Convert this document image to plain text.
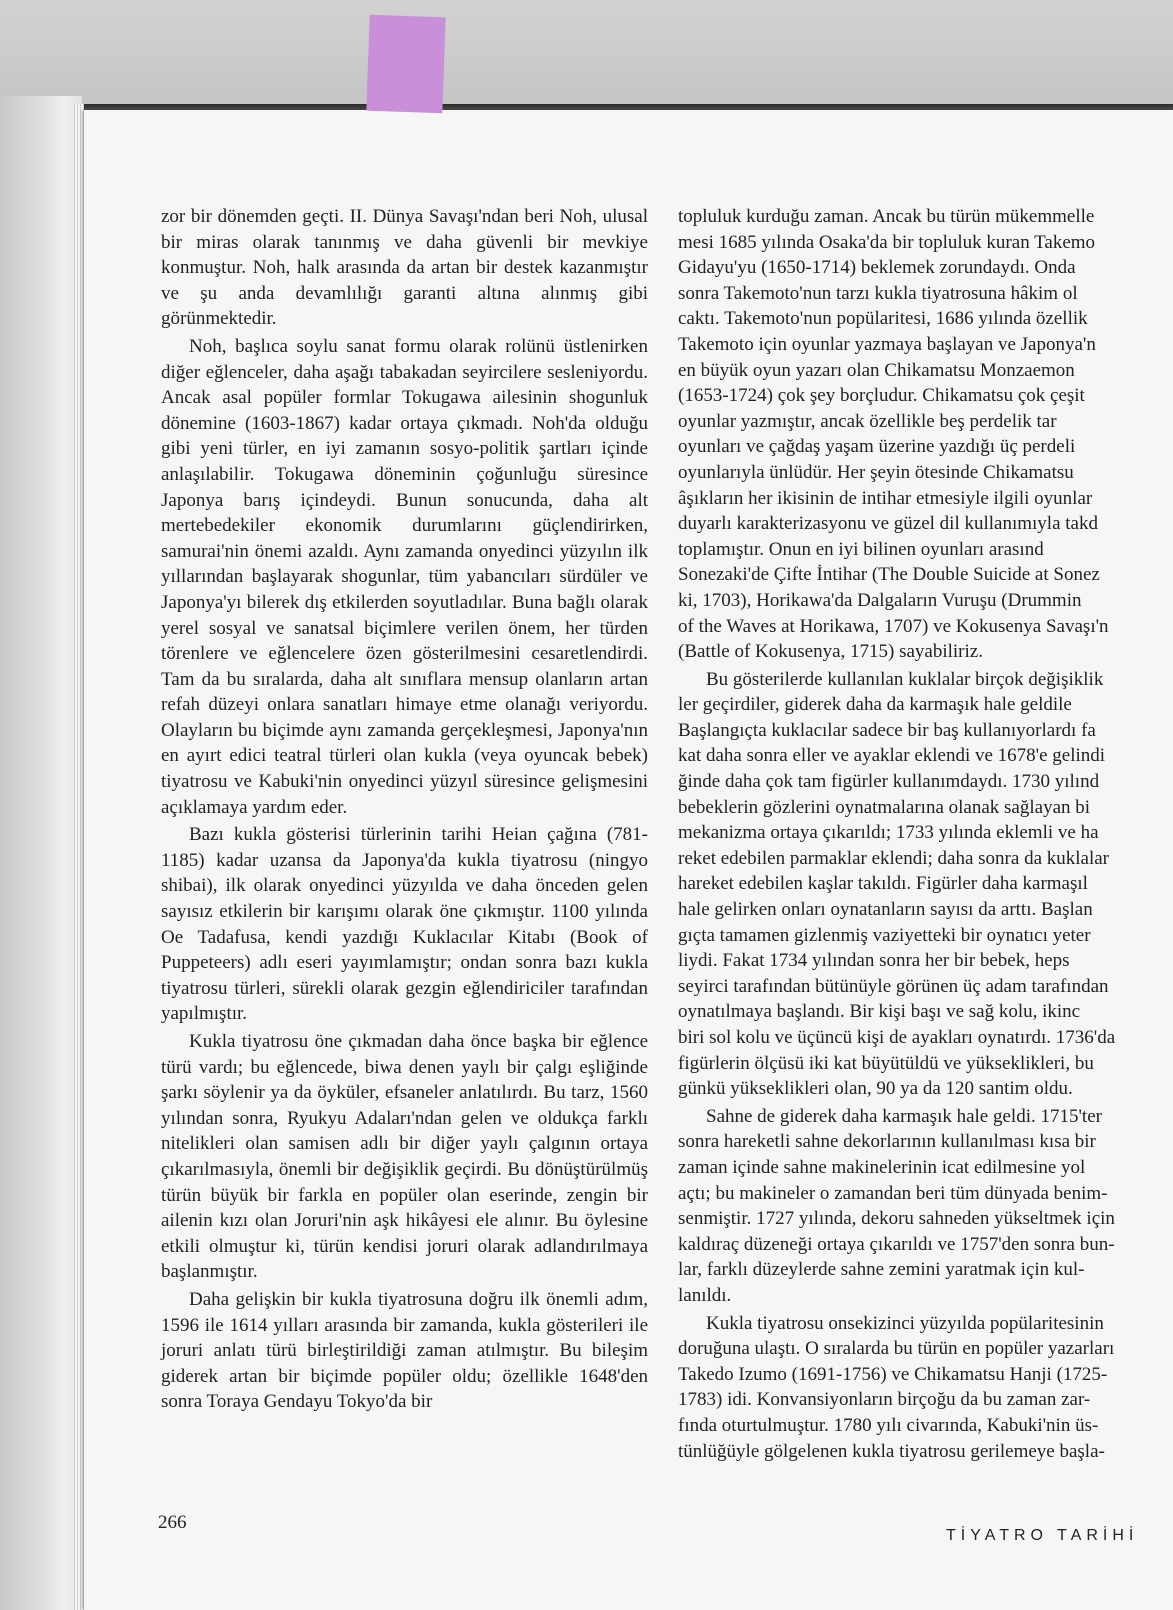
zor bir dönemden geçti. II. Dünya Savaşı'ndan beri Noh, ulusal bir miras olarak tanınmış ve daha güvenli bir mevkiye konmuştur. Noh, halk arasında da artan bir destek kazanmıştır ve şu anda devamlılığı garanti altına alınmış gibi görünmektedir.

Noh, başlıca soylu sanat formu olarak rolünü üstlenirken diğer eğlenceler, daha aşağı tabakadan seyircilere sesleniyordu. Ancak asal popüler formlar Tokugawa ailesinin shogunluk dönemine (1603-1867) kadar ortaya çıkmadı. Noh'da olduğu gibi yeni türler, en iyi zamanın sosyo-politik şartları içinde anlaşılabilir. Tokugawa döneminin çoğunluğu süresince Japonya barış içindeydi. Bunun sonucunda, daha alt mertebedekiler ekonomik durumlarını güçlendirirken, samurai'nin önemi azaldı. Aynı zamanda onyedinci yüzyılın ilk yıllarından başlayarak shogunlar, tüm yabancıları sürdüler ve Japonya'yı bilerek dış etkilerden soyutladılar. Buna bağlı olarak yerel sosyal ve sanatsal biçimlere verilen önem, her türden törenlere ve eğlencelere özen gösterilmesini cesaretlendirdi. Tam da bu sıralarda, daha alt sınıflara mensup olanların artan refah düzeyi onlara sanatları himaye etme olanağı veriyordu. Olayların bu biçimde aynı zamanda gerçekleşmesi, Japonya'nın en ayırt edici teatral türleri olan kukla (veya oyuncak bebek) tiyatrosu ve Kabuki'nin onyedinci yüzyıl süresince gelişmesini açıklamaya yardım eder.

Bazı kukla gösterisi türlerinin tarihi Heian çağına (781-1185) kadar uzansa da Japonya'da kukla tiyatrosu (ningyo shibai), ilk olarak onyedinci yüzyılda ve daha önceden gelen sayısız etkilerin bir karışımı olarak öne çıkmıştır. 1100 yılında Oe Tadafusa, kendi yazdığı Kuklacılar Kitabı (Book of Puppeteers) adlı eseri yayımlamıştır; ondan sonra bazı kukla tiyatrosu türleri, sürekli olarak gezgin eğlendiriciler tarafından yapılmıştır.

Kukla tiyatrosu öne çıkmadan daha önce başka bir eğlence türü vardı; bu eğlencede, biwa denen yaylı bir çalgı eşliğinde şarkı söylenir ya da öyküler, efsaneler anlatılırdı. Bu tarz, 1560 yılından sonra, Ryukyu Adaları'ndan gelen ve oldukça farklı nitelikleri olan samisen adlı bir diğer yaylı çalgının ortaya çıkarılmasıyla, önemli bir değişiklik geçirdi. Bu dönüştürülmüş türün büyük bir farkla en popüler olan eserinde, zengin bir ailenin kızı olan Joruri'nin aşk hikâyesi ele alınır. Bu öylesine etkili olmuştur ki, türün kendisi joruri olarak adlandırılmaya başlanmıştır.

Daha gelişkin bir kukla tiyatrosuna doğru ilk önemli adım, 1596 ile 1614 yılları arasında bir zamanda, kukla gösterileri ile joruri anlatı türü birleştirildiği zaman atılmıştır. Bu bileşim giderek artan bir biçimde popüler oldu; özellikle 1648'den sonra Toraya Gendayu Tokyo'da bir

topluluk kurduğu zaman. Ancak bu türün mükemmelle
mesi 1685 yılında Osaka'da bir topluluk kuran Takemo
Gidayu'yu (1650-1714) beklemek zorundaydı. Onda
sonra Takemoto'nun tarzı kukla tiyatrosuna hâkim ol
caktı. Takemoto'nun popülaritesi, 1686 yılında özellik
Takemoto için oyunlar yazmaya başlayan ve Japonya'n
en büyük oyun yazarı olan Chikamatsu Monzaemon
(1653-1724) çok şey borçludur. Chikamatsu çok çeşit
oyunlar yazmıştır, ancak özellikle beş perdelik tar
oyunları ve çağdaş yaşam üzerine yazdığı üç perdeli
oyunlarıyla ünlüdür. Her şeyin ötesinde Chikamatsu
âşıkların her ikisinin de intihar etmesiyle ilgili oyunlar
duyarlı karakterizasyonu ve güzel dil kullanımıyla takd
toplamıştır. Onun en iyi bilinen oyunları arasınd
Sonezaki'de Çifte İntihar (The Double Suicide at Sonez
ki, 1703), Horikawa'da Dalgaların Vuruşu (Drummin
of the Waves at Horikawa, 1707) ve Kokusenya Savaşı'n
(Battle of Kokusenya, 1715) sayabiliriz.

Bu gösterilerde kullanılan kuklalar birçok değişiklik
ler geçirdiler, giderek daha da karmaşık hale geldile
Başlangıçta kuklacılar sadece bir baş kullanıyorlardı fa
kat daha sonra eller ve ayaklar eklendi ve 1678'e gelindi
ğinde daha çok tam figürler kullanımdaydı. 1730 yılınd
bebeklerin gözlerini oynatmalarına olanak sağlayan bi
mekanizma ortaya çıkarıldı; 1733 yılında eklemli ve ha
reket edebilen parmaklar eklendi; daha sonra da kuklalar
hareket edebilen kaşlar takıldı. Figürler daha karmaşıl
hale gelirken onları oynatanların sayısı da arttı. Başlan
gıçta tamamen gizlenmiş vaziyetteki bir oynatıcı yeter
liydi. Fakat 1734 yılından sonra her bir bebek, heps
seyirci tarafından bütünüyle görünen üç adam tarafından
oynatılmaya başlandı. Bir kişi başı ve sağ kolu, ikinc
biri sol kolu ve üçüncü kişi de ayakları oynatırdı. 1736'da
figürlerin ölçüsü iki kat büyütüldü ve yükseklikleri, bu
günkü yükseklikleri olan, 90 ya da 120 santim oldu.

Sahne de giderek daha karmaşık hale geldi. 1715'ter
sonra hareketli sahne dekorlarının kullanılması kısa bir
zaman içinde sahne makinelerinin icat edilmesine yol
açtı; bu makineler o zamandan beri tüm dünyada benim-
senmiştir. 1727 yılında, dekoru sahneden yükseltmek için
kaldıraç düzeneği ortaya çıkarıldı ve 1757'den sonra bun-
lar, farklı düzeylerde sahne zemini yaratmak için kul-
lanıldı.

Kukla tiyatrosu onsekizinci yüzyılda popülaritesinin
doruğuna ulaştı. O sıralarda bu türün en popüler yazarları
Takedo Izumo (1691-1756) ve Chikamatsu Hanji (1725-
1783) idi. Konvansiyonların birçoğu da bu zaman zar-
fında oturtulmuştur. 1780 yılı civarında, Kabuki'nin üs-
tünlüğüyle gölgelenen kukla tiyatrosu gerilemeye başla-

266
TİYATRO TARİHİ
